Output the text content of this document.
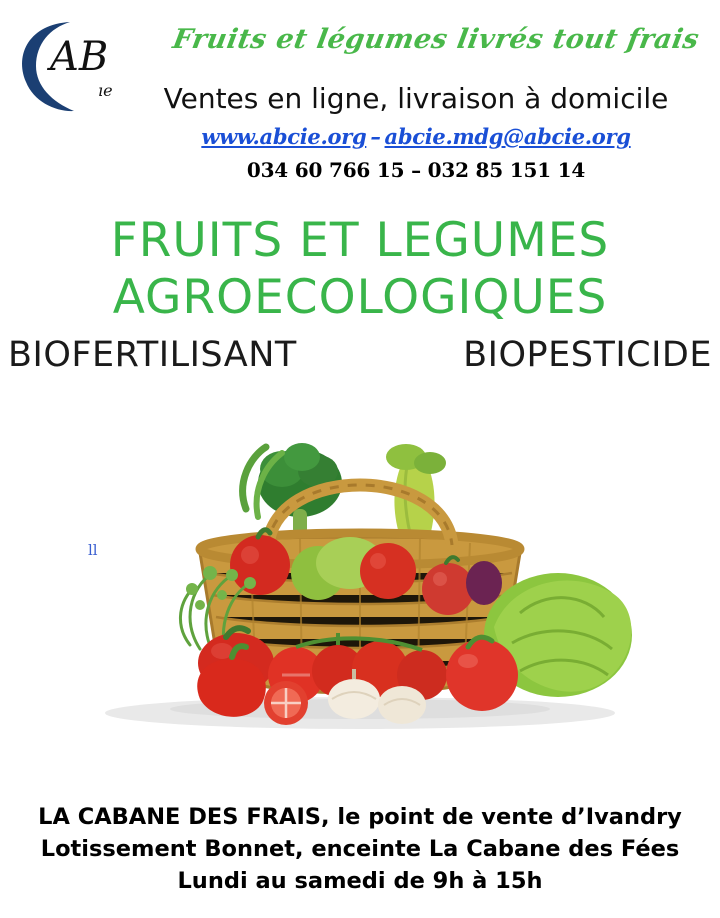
AB
ıe
Fruits et légumes livrés tout frais
Ventes en ligne, livraison à domicile
www.abcie.org – abcie.mdg@abcie.org
034 60 766 15 – 032 85 151 14
FRUITS ET LEGUMES
AGROECOLOGIQUES
BIOFERTILISANT	BIOPESTICIDE
ll
LA CABANE DES FRAIS, le point de vente d’Ivandry
Lotissement Bonnet, enceinte La Cabane des Fées
Lundi au samedi de 9h à 15h
